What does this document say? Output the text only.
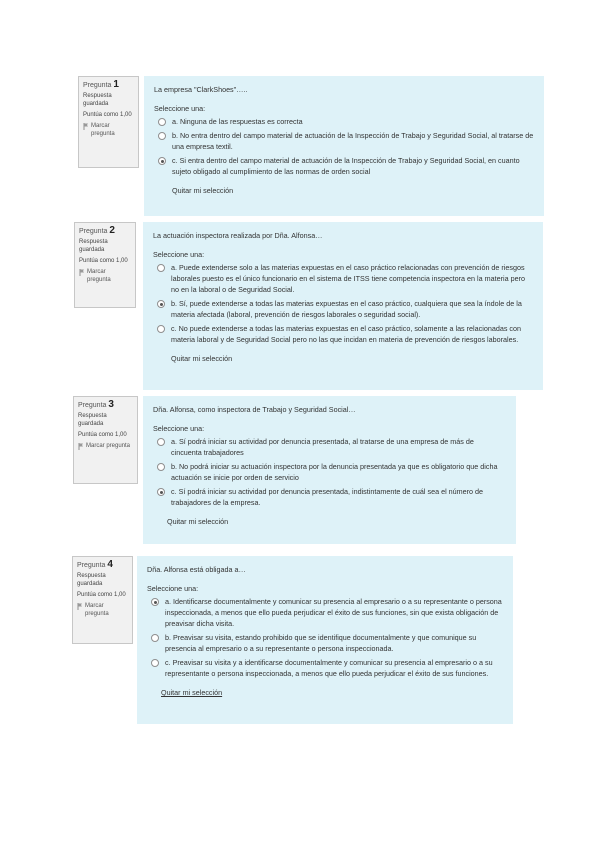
Pregunta 1
Respuesta guardada
Puntúa como 1,00
Marcar pregunta
La empresa "ClarkShoes"…..
Seleccione una:
a. Ninguna de las respuestas es correcta
b. No entra dentro del campo material de actuación de la Inspección de Trabajo y Seguridad Social, al tratarse de una empresa textil.
c. Si entra dentro del campo material de actuación de la Inspección de Trabajo y Seguridad Social, en cuanto sujeto obligado al cumplimiento de las normas de orden social
Quitar mi selección
Pregunta 2
Respuesta guardada
Puntúa como 1,00
Marcar pregunta
La actuación inspectora realizada por Dña. Alfonsa…
Seleccione una:
a. Puede extenderse solo a las materias expuestas en el caso práctico relacionadas con prevención de riesgos laborales puesto es el único funcionario en el sistema de ITSS tiene competencia inspectora en la materia pero no en la laboral o de Seguridad Social.
b. Sí, puede extenderse a todas las materias expuestas en el caso práctico, cualquiera que sea la índole de la materia afectada (laboral, prevención de riesgos laborales o seguridad social).
c. No puede extenderse a todas las materias expuestas en el caso práctico, solamente a las relacionadas con materia laboral y de Seguridad Social pero no las que incidan en materia de prevención de riesgos laborales.
Quitar mi selección
Pregunta 3
Respuesta guardada
Puntúa como 1,00
Marcar pregunta
Dña. Alfonsa, como inspectora de Trabajo y Seguridad Social…
Seleccione una:
a. Sí podrá iniciar su actividad por denuncia presentada, al tratarse de una empresa de más de cincuenta trabajadores
b. No podrá iniciar su actuación inspectora por la denuncia presentada ya que es obligatorio que dicha actuación se inicie por orden de servicio
c. Sí podrá iniciar su actividad por denuncia presentada, indistintamente de cuál sea el número de trabajadores de la empresa.
Quitar mi selección
Pregunta 4
Respuesta guardada
Puntúa como 1,00
Marcar pregunta
Dña. Alfonsa está obligada a…
Seleccione una:
a. Identificarse documentalmente y comunicar su presencia al empresario o a su representante o persona inspeccionada, a menos que ello pueda perjudicar el éxito de sus funciones, sin que exista obligación de preavisar dicha visita.
b. Preavisar su visita, estando prohibido que se identifique documentalmente y que comunique su presencia al empresario o a su representante o persona inspeccionada.
c. Preavisar su visita y a identificarse documentalmente y comunicar su presencia al empresario o a su representante o persona inspeccionada, a menos que ello pueda perjudicar el éxito de sus funciones.
Quitar mi selección
